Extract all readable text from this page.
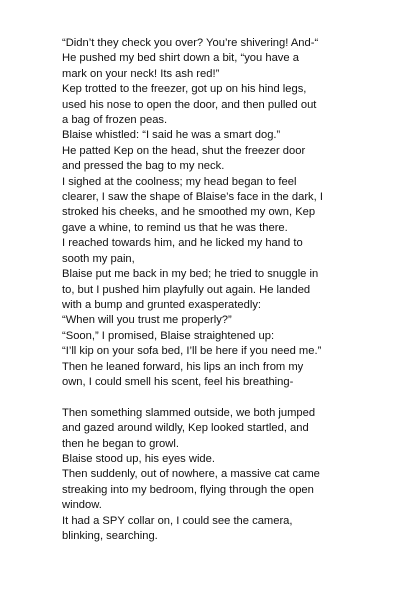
“Didn’t they check you over? You’re shivering! And-“
He pushed my bed shirt down a bit, “you have a
mark on your neck! Its ash red!”
Kep trotted to the freezer, got up on his hind legs,
used his nose to open the door, and then pulled out
a bag of frozen peas.
Blaise whistled: “I said he was a smart dog.”
He patted Kep on the head, shut the freezer door
and pressed the bag to my neck.
I sighed at the coolness; my head began to feel
clearer, I saw the shape of Blaise’s face in the dark, I
stroked his cheeks, and he smoothed my own, Kep
gave a whine, to remind us that he was there.
I reached towards him, and he licked my hand to
sooth my pain,
Blaise put me back in my bed; he tried to snuggle in
to, but I pushed him playfully out again. He landed
with a bump and grunted exasperatedly:
“When will you trust me properly?”
“Soon,” I promised, Blaise straightened up:
“I’ll kip on your sofa bed, I’ll be here if you need me.”
Then he leaned forward, his lips an inch from my
own, I could smell his scent, feel his breathing-
Then something slammed outside, we both jumped
and gazed around wildly, Kep looked startled, and
then he began to growl.
Blaise stood up, his eyes wide.
Then suddenly, out of nowhere, a massive cat came
streaking into my bedroom, flying through the open
window.
It had a SPY collar on, I could see the camera,
blinking, searching.
